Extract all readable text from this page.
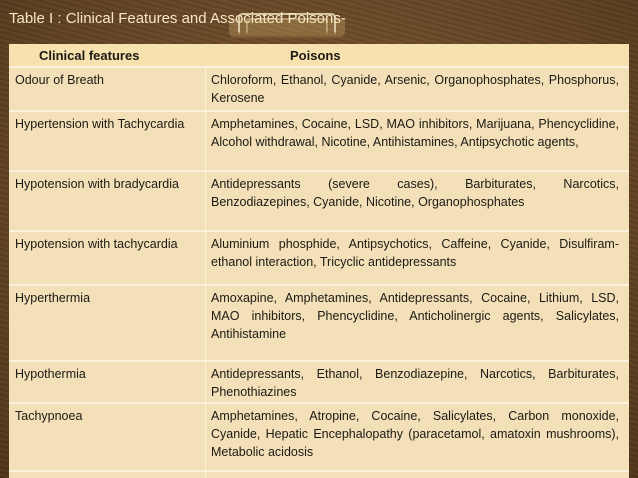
Table I : Clinical Features and Associated Poisons-
Clinical features	Poisons
Odour of Breath	Chloroform, Ethanol, Cyanide, Arsenic, Organophosphates, Phosphorus, Kerosene
Hypertension with Tachycardia	Amphetamines, Cocaine, LSD, MAO inhibitors, Marijuana, Phencyclidine, Alcohol withdrawal, Nicotine, Antihistamines, Antipsychotic agents,
Hypotension with bradycardia	Antidepressants (severe cases), Barbiturates, Narcotics, Benzodiazepines, Cyanide, Nicotine, Organophosphates
Hypotension with tachycardia	Aluminium phosphide, Antipsychotics, Caffeine, Cyanide, Disulfiram-ethanol interaction, Tricyclic antidepressants
Hyperthermia	Amoxapine, Amphetamines, Antidepressants, Cocaine, Lithium, LSD, MAO inhibitors, Phencyclidine, Anticholinergic agents, Salicylates, Antihistamine
Hypothermia	Antidepressants, Ethanol, Benzodiazepine, Narcotics, Barbiturates, Phenothiazines
Tachypnoea	Amphetamines, Atropine, Cocaine, Salicylates, Carbon monoxide, Cyanide, Hepatic Encephalopathy (paracetamol, amatoxin mushrooms), Metabolic acidosis
